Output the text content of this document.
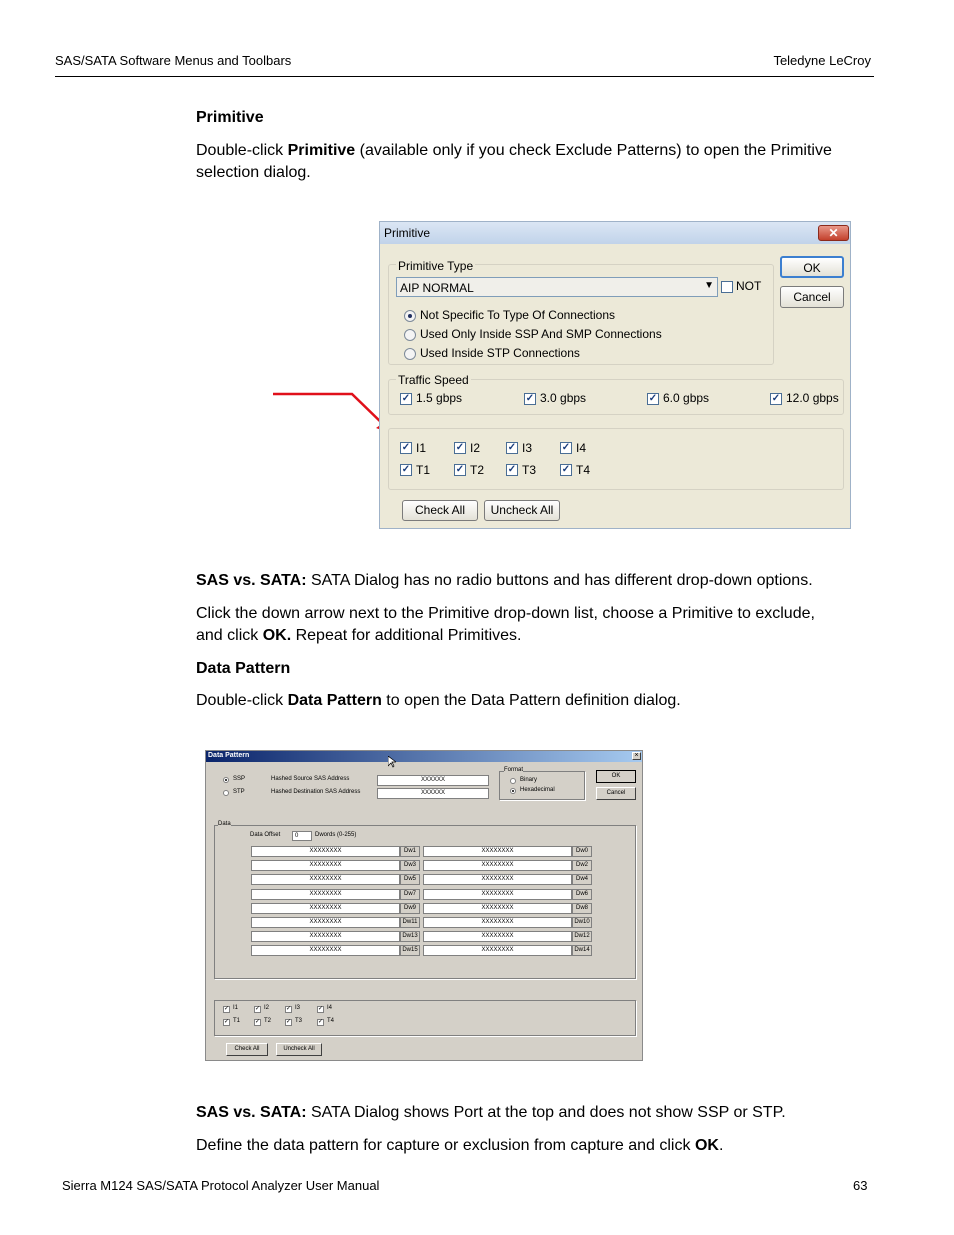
SAS/SATA Software Menus and Toolbars	Teledyne LeCroy
Primitive
Double-click Primitive (available only if you check Exclude Patterns) to open the Primitive
selection dialog.
Primitive	✕
Primitive Type
AIP NORMAL	▼ NOT
Not Specific To Type Of Connections
Used Only Inside SSP And SMP Connections
Used Inside STP Connections
OK
Cancel
Traffic Speed
✓ 1.5 gbps	✓ 3.0 gbps	✓ 6.0 gbps	✓ 12.0 gbps
✓ I1	✓ I2	✓ I3	✓ I4
✓ T1	✓ T2 ✓ T3	✓ T4
Check All	Uncheck All
SAS vs. SATA: SATA Dialog has no radio buttons and has different drop-down options.
Click the down arrow next to the Primitive drop-down list, choose a Primitive to exclude,
and click OK. Repeat for additional Primitives.
Data Pattern
Double-click Data Pattern to open the Data Pattern definition dialog.
Data Pattern	×
SSP
STP
Hashed Source SAS Address	XXXXXX
Hashed Destination SAS Address	XXXXXX
Format
Binary
Hexadecimal
OK
Cancel
Data
Data Offset	0	Dwords (0-255)
Check All	Uncheck All
XXXXXXXX	Dw1	XXXXXXXX	Dw0
XXXXXXXX	Dw3	XXXXXXXX	Dw2
XXXXXXXX	Dw5	XXXXXXXX	Dw4
XXXXXXXX	Dw7	XXXXXXXX	Dw6
XXXXXXXX	Dw9	XXXXXXXX	Dw8
XXXXXXXX	Dw11	XXXXXXXX	Dw10
XXXXXXXX	Dw13	XXXXXXXX	Dw12
XXXXXXXX	Dw15	XXXXXXXX	Dw14
✓ I1	✓ I2	✓ I3	✓ I4
✓ T1 ✓ T2 ✓ T3	✓ T4
SAS vs. SATA: SATA Dialog shows Port at the top and does not show SSP or STP.
Define the data pattern for capture or exclusion from capture and click OK.
Sierra M124 SAS/SATA Protocol Analyzer User Manual	63
